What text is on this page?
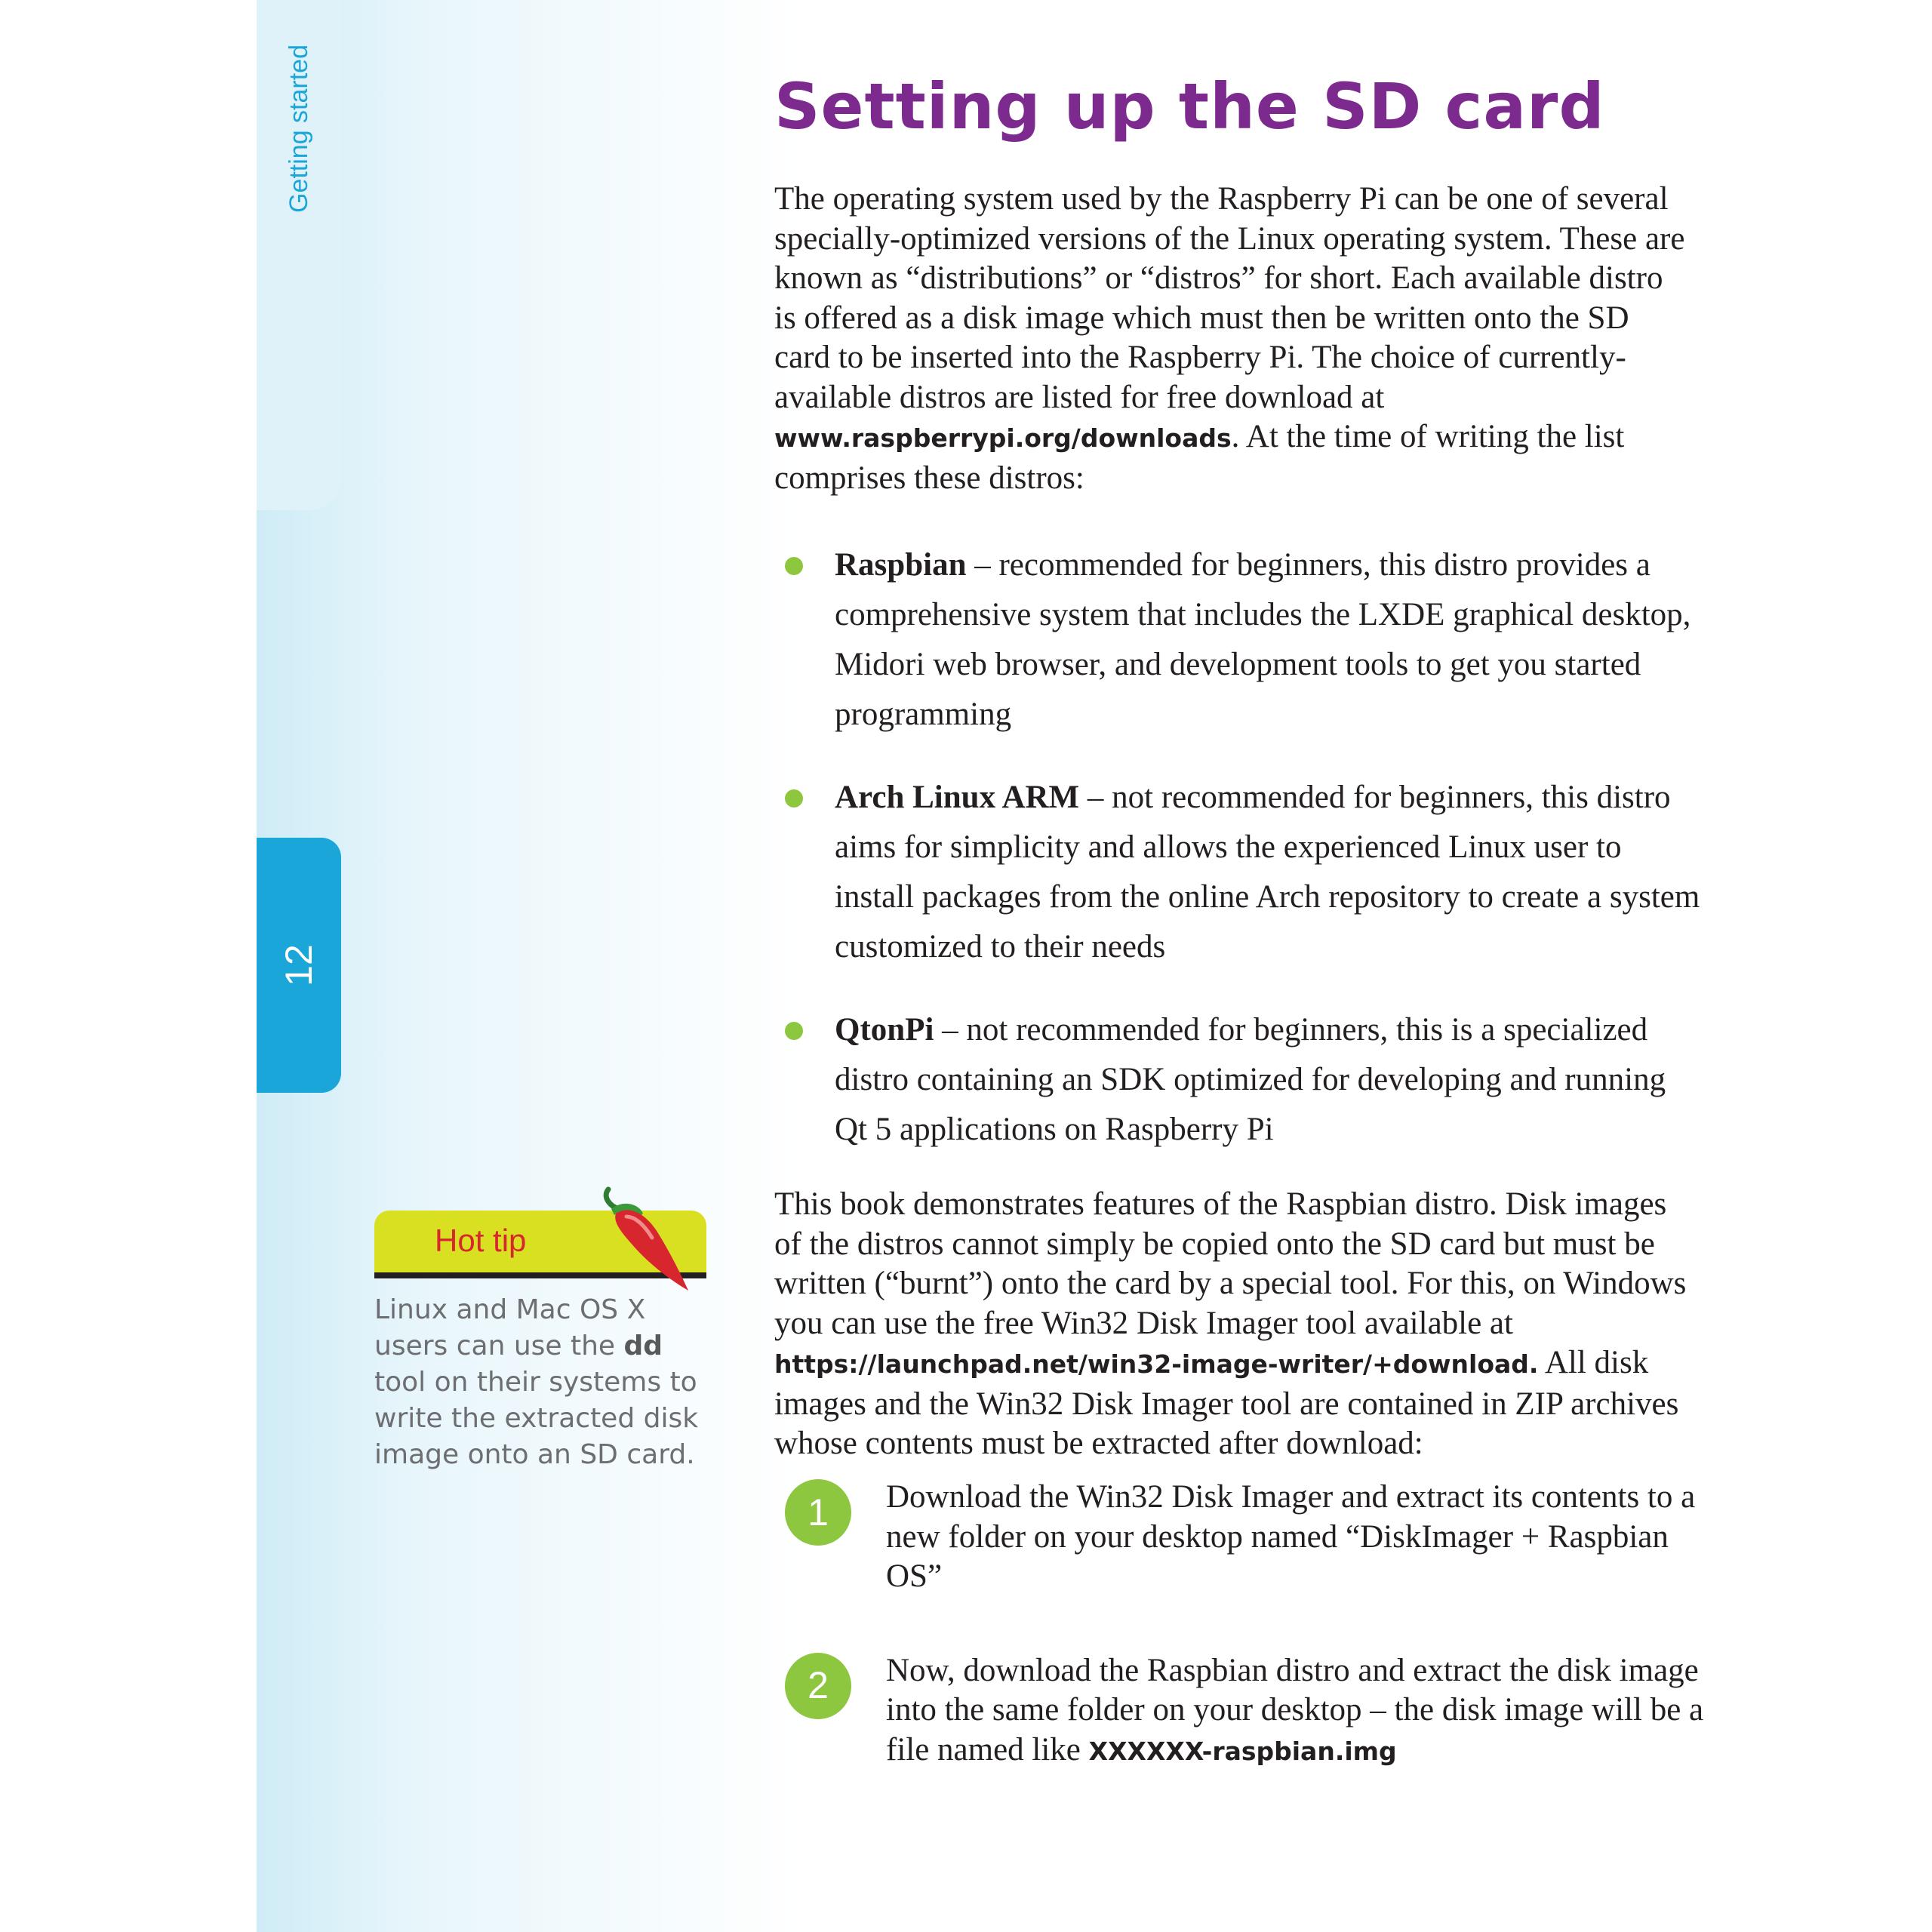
Getting started
12
Setting up the SD card

The operating system used by the Raspberry Pi can be one of several specially-optimized versions of the Linux operating system. These are known as “distributions” or “distros” for short. Each available distro is offered as a disk image which must then be written onto the SD card to be inserted into the Raspberry Pi. The choice of currently-available distros are listed for free download at www.raspberrypi.org/downloads. At the time of writing the list comprises these distros:

Raspbian – recommended for beginners, this distro provides a comprehensive system that includes the LXDE graphical desktop, Midori web browser, and development tools to get you started programming
Arch Linux ARM – not recommended for beginners, this distro aims for simplicity and allows the experienced Linux user to install packages from the online Arch repository to create a system customized to their needs
QtonPi – not recommended for beginners, this is a specialized distro containing an SDK optimized for developing and running Qt 5 applications on Raspberry Pi

This book demonstrates features of the Raspbian distro. Disk images of the distros cannot simply be copied onto the SD card but must be written (“burnt”) onto the card by a special tool. For this, on Windows you can use the free Win32 Disk Imager tool available at https://launchpad.net/win32-image-writer/+download. All disk images and the Win32 Disk Imager tool are contained in ZIP archives whose contents must be extracted after download:

1	Download the Win32 Disk Imager and extract its contents to a new folder on your desktop named “DiskImager + Raspbian OS”
2	Now, download the Raspbian distro and extract the disk image into the same folder on your desktop – the disk image will be a file named like XXXXXX-raspbian.img
Hot tip

Linux and Mac OS X users can use the dd tool on their systems to write the extracted disk image onto an SD card.
